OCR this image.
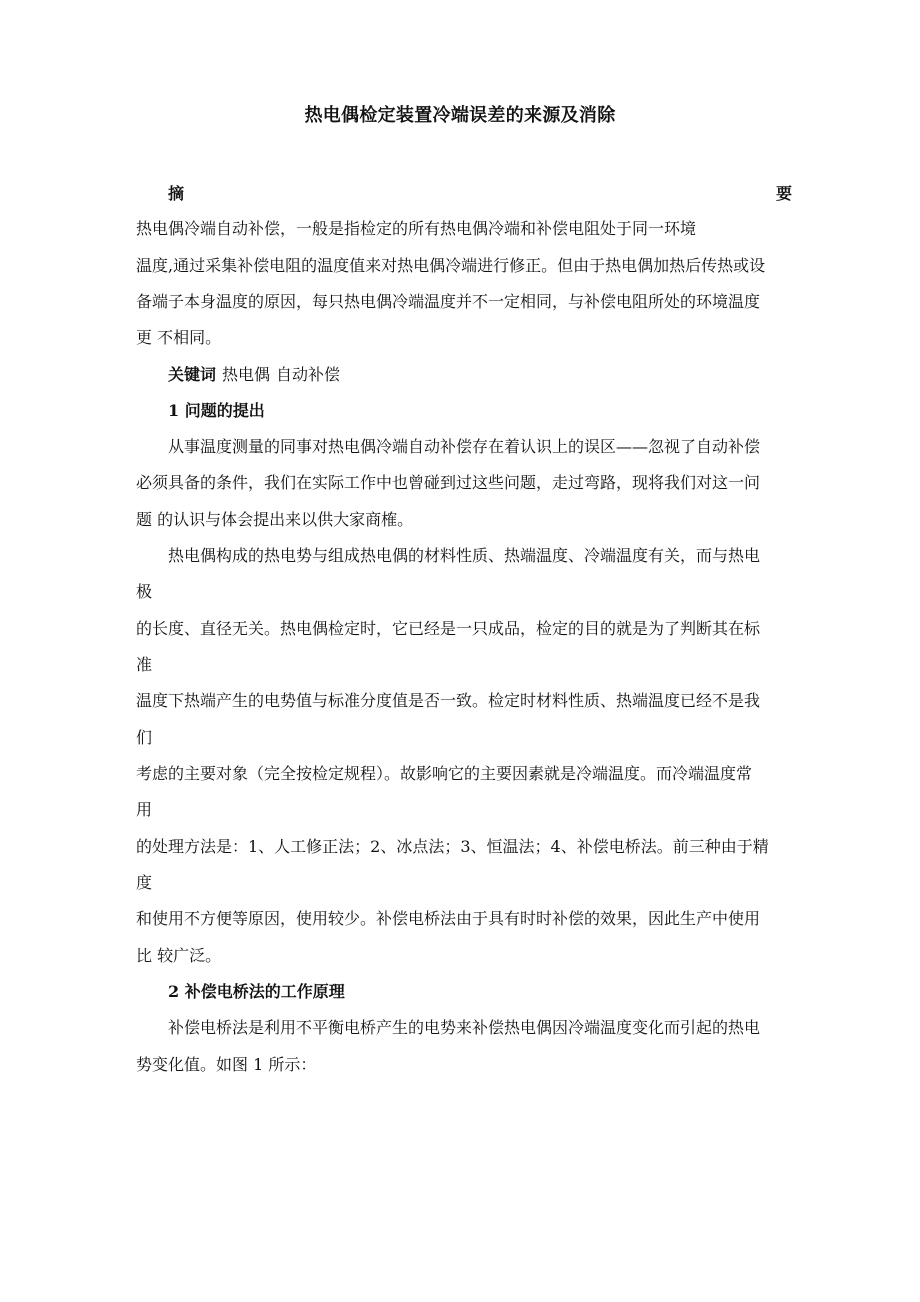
热电偶检定装置冷端误差的来源及消除
摘	要
热电偶冷端自动补偿，一般是指检定的所有热电偶冷端和补偿电阻处于同一环境
温度,通过采集补偿电阻的温度值来对热电偶冷端进行修正。但由于热电偶加热后传热或设
备端子本身温度的原因，每只热电偶冷端温度并不一定相同，与补偿电阻所处的环境温度
更 不相同。
关键词 热电偶 自动补偿
1 问题的提出
从事温度测量的同事对热电偶冷端自动补偿存在着认识上的误区——忽视了自动补偿
必须具备的条件，我们在实际工作中也曾碰到过这些问题，走过弯路，现将我们对这一问
题 的认识与体会提出来以供大家商榷。
热电偶构成的热电势与组成热电偶的材料性质、热端温度、冷端温度有关，而与热电
极
的长度、直径无关。热电偶检定时，它已经是一只成品，检定的目的就是为了判断其在标
准
温度下热端产生的电势值与标准分度值是否一致。检定时材料性质、热端温度已经不是我
们
考虑的主要对象（完全按检定规程）。故影响它的主要因素就是冷端温度。而冷端温度常
用
的处理方法是：1、人工修正法；2、冰点法；3、恒温法；4、补偿电桥法。前三种由于精
度
和使用不方便等原因，使用较少。补偿电桥法由于具有时时补偿的效果，因此生产中使用
比 较广泛。
2 补偿电桥法的工作原理
补偿电桥法是利用不平衡电桥产生的电势来补偿热电偶因冷端温度变化而引起的热电
势变化值。如图 1 所示：
